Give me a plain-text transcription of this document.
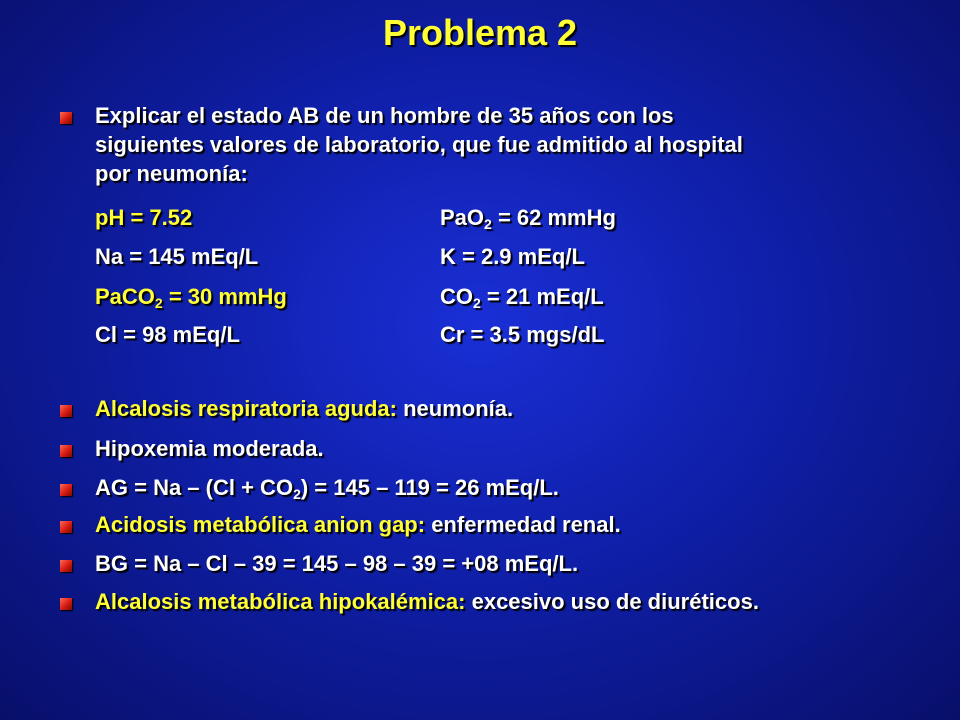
Problema 2
Explicar el estado AB de un hombre de 35 años con los
siguientes valores de laboratorio, que fue admitido al hospital
por neumonía:
pH = 7.52	PaO$_2$ = 62 mmHg
Na = 145 mEq/L	K = 2.9 mEq/L
PaCO$_2$ = 30 mmHg	$CO_2 = 21$ mEq/L
Cl = 98 mEq/L	Cr = 3.5 mgs/dL
Alcalosis respiratoria aguda: neumonía.
Hipoxemia moderada.
AG = $Na - (Cl + CO_2) = 145 - 119 = 26$ mEq/L.
Acidosis metabólica anion gap: enfermedad renal.
BG = Na – Cl – 39 = 145 – 98 – 39 = +08 mEq/L.
Alcalosis metabólica hipokalémica: excesivo uso de diuréticos.
